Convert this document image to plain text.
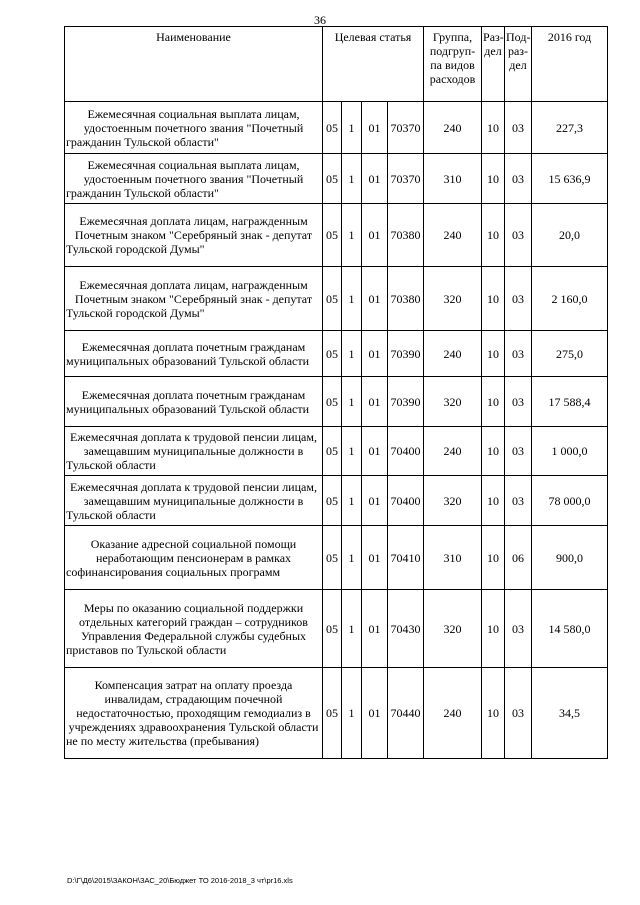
36
Наименование	Целевая статья				Группа, подгруп- па видов расходов	Раз- дел	Под- раз- дел	2016 год
Ежемесячная социальная выплата лицам, удостоенным почетного звания "Почетный гражданин Тульской области"	05	1	01	70370	240	10	03	227,3
Ежемесячная социальная выплата лицам, удостоенным почетного звания "Почетный гражданин Тульской области"	05	1	01	70370	310	10	03	15 636,9
Ежемесячная доплата лицам, награжденным Почетным знаком "Серебряный знак - депутат Тульской городской Думы"	05	1	01	70380	240	10	03	20,0
Ежемесячная доплата лицам, награжденным Почетным знаком "Серебряный знак - депутат Тульской городской Думы"	05	1	01	70380	320	10	03	2 160,0
Ежемесячная доплата почетным гражданам муниципальных образований Тульской области	05	1	01	70390	240	10	03	275,0
Ежемесячная доплата почетным гражданам муниципальных образований Тульской области	05	1	01	70390	320	10	03	17 588,4
Ежемесячная доплата к трудовой пенсии лицам, замещавшим муниципальные должности в Тульской области	05	1	01	70400	240	10	03	1 000,0
Ежемесячная доплата к трудовой пенсии лицам, замещавшим муниципальные должности в Тульской области	05	1	01	70400	320	10	03	78 000,0
Оказание адресной социальной помощи неработающим пенсионерам в рамках софинансирования социальных программ	05	1	01	70410	310	10	06	900,0
Меры по оказанию социальной поддержки отдельных категорий граждан – сотрудников Управления Федеральной службы судебных приставов по Тульской области	05	1	01	70430	320	10	03	14 580,0
Компенсация затрат на оплату проезда инвалидам, страдающим почечной недостаточностью, проходящим гемодиализ в учреждениях здравоохранения Тульской области не по месту жительства (пребывания)	05	1	01	70440	240	10	03	34,5
D:\Г\Д6\2015\ЗАКОН\ЗАС_20\Бюджет ТО 2016-2018_3 чт\pr16.xls
